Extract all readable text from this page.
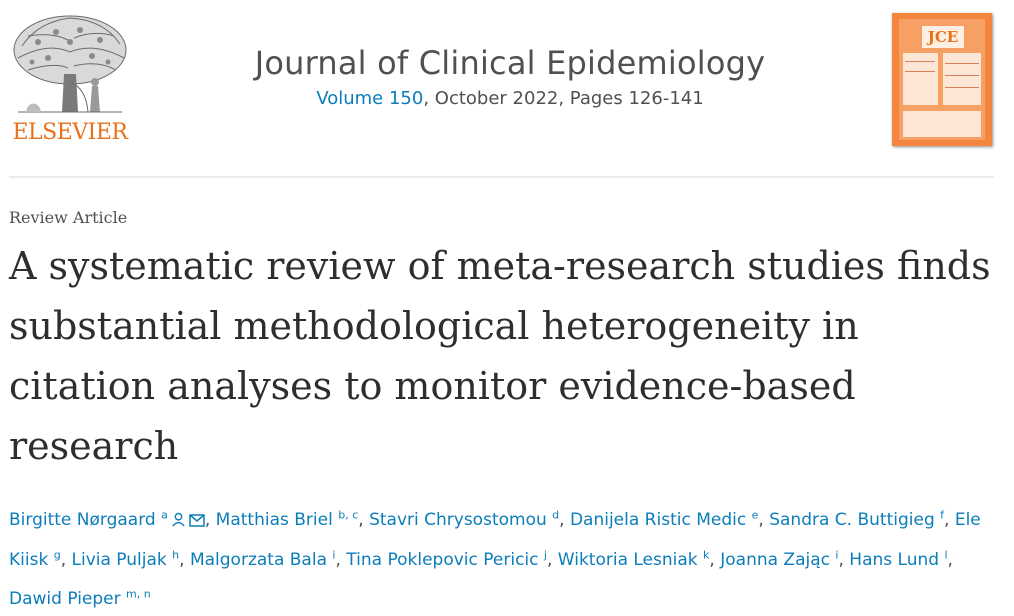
ELSEVIER
Journal of Clinical Epidemiology
Volume 150, October 2022, Pages 126-141
JCE
Review Article
A systematic review of meta-research studies finds substantial methodological heterogeneity in citation analyses to monitor evidence-based research
Birgitte Nørgaard $^a$ , Matthias Briel $^{b, c}$, Stavri Chrysostomou $^d$, Danijela Ristic Medic $^e$, Sandra C. Buttigieg $^f$, Ele Kiisk $^g$, Livia Puljak $^h$, Malgorzata Bala $^i$, Tina Poklepovic Pericic $^j$, Wiktoria Lesniak $^k$, Joanna Zając $^i$, Hans Lund $^l$, Dawid Pieper $^{m, n}$
